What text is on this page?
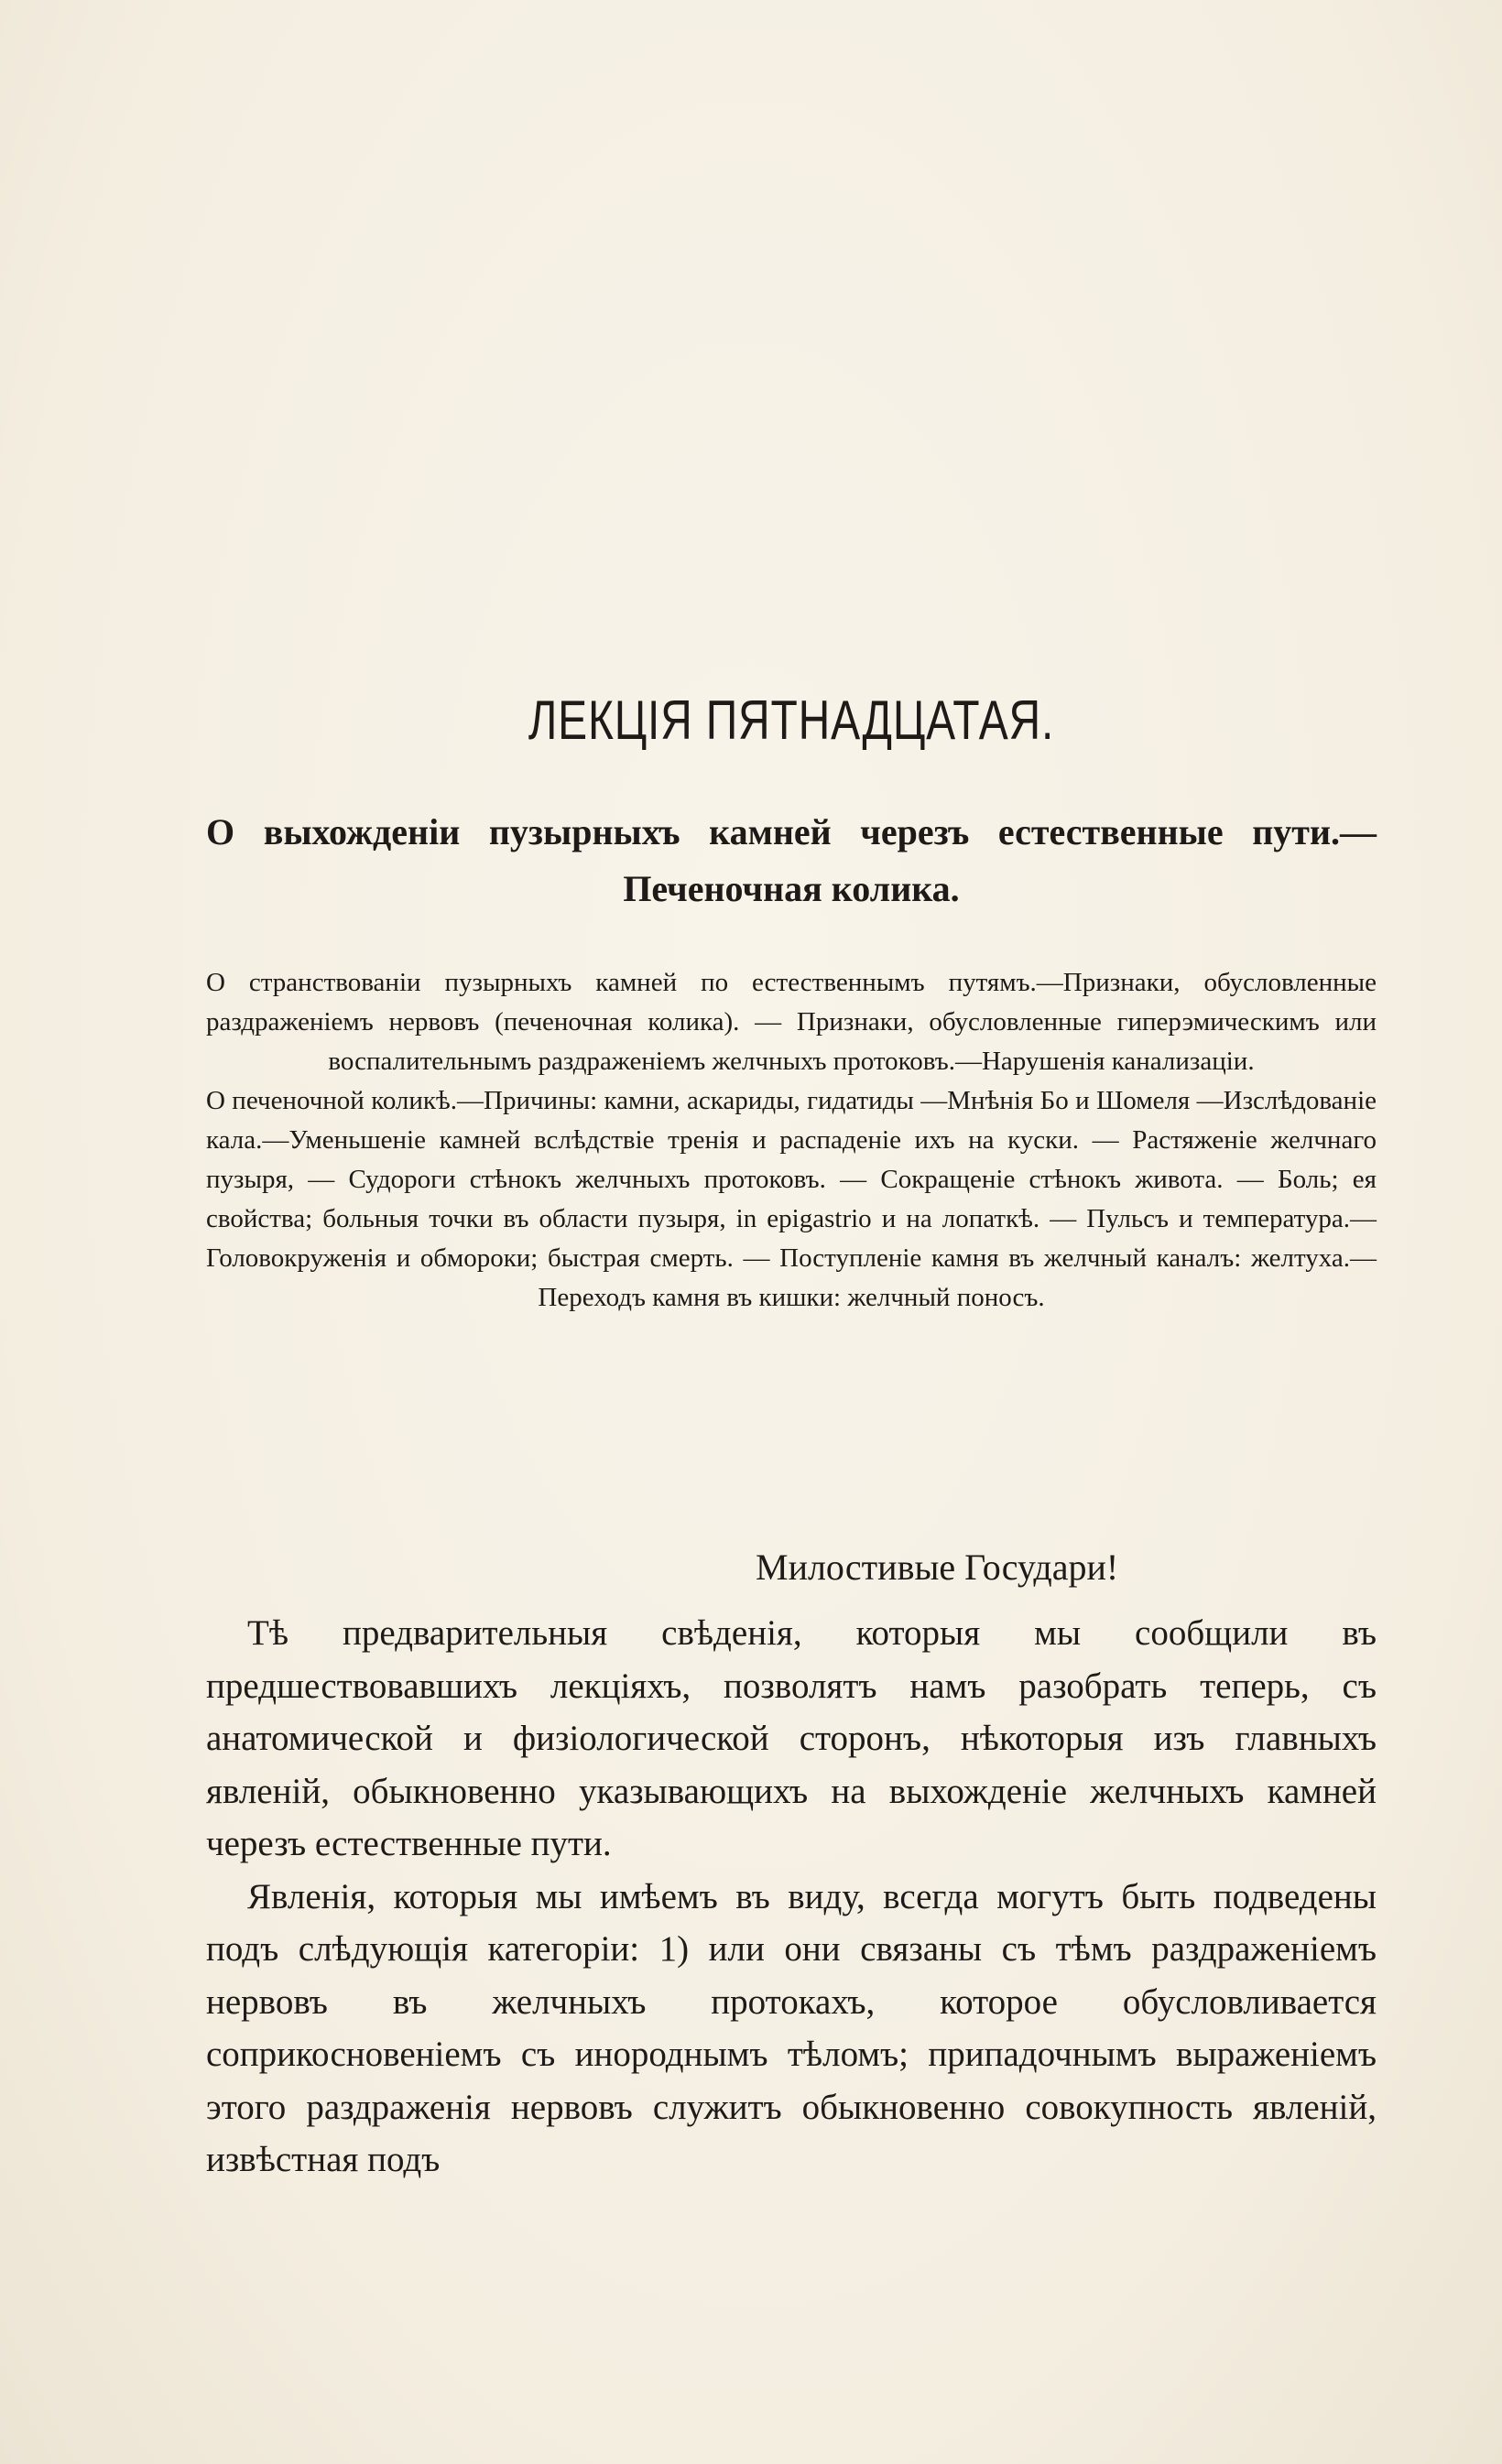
ЛЕКЦІЯ ПЯТНАДЦАТАЯ.
О выхожденіи пузырныхъ камней черезъ естественные пути.—Печеночная колика.

О странствованіи пузырныхъ камней по естественнымъ путямъ.—Признаки, обусловленные раздраженіемъ нервовъ (печеночная колика). — Признаки, обусловленные гиперэмическимъ или воспалительнымъ раздраженіемъ желчныхъ протоковъ.—Нарушенія канализаціи.

О печеночной коликѣ.—Причины: камни, аскариды, гидатиды —Мнѣнія Бо и Шомеля —Изслѣдованіе кала.—Уменьшеніе камней вслѣдствіе тренія и распаденіе ихъ на куски. — Растяженіе желчнаго пузыря, — Судороги стѣнокъ желчныхъ протоковъ. — Сокращеніе стѣнокъ живота. — Боль; ея свойства; больныя точки въ области пузыря, in epigastrio и на лопаткѣ. — Пульсъ и температура.—Головокруженія и обмороки; быстрая смерть. — Поступленіе камня въ желчный каналъ: желтуха.—Переходъ камня въ кишки: желчный поносъ.

Милостивые Государи!

Тѣ предварительныя свѣденія, которыя мы сообщили въ предшествовавшихъ лекціяхъ, позволятъ намъ разобрать теперь, съ анатомической и физіологической сторонъ, нѣкоторыя изъ главныхъ явленій, обыкновенно указывающихъ на выхожденіе желчныхъ камней черезъ естественные пути.

Явленія, которыя мы имѣемъ въ виду, всегда могутъ быть подведены подъ слѣдующія категоріи: 1) или они связаны съ тѣмъ раздраженіемъ нервовъ въ желчныхъ протокахъ, которое обусловливается соприкосновеніемъ съ инороднымъ тѣломъ; припадочнымъ выраженіемъ этого раздраженія нервовъ служитъ обыкновенно совокупность явленій, извѣстная подъ
